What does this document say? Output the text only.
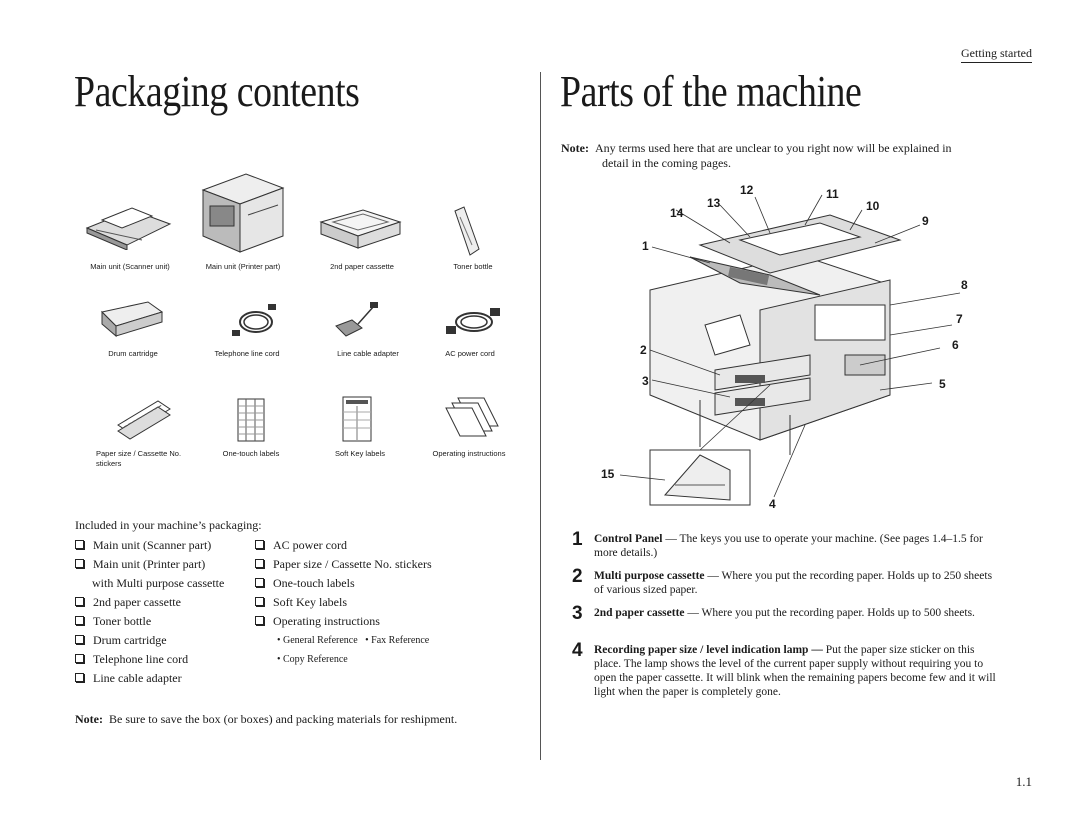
Getting started
Packaging contents	Parts of the machine
Main unit (Scanner unit)	Main unit (Printer part)	2nd paper cassette	Toner bottle
Drum cartridge	Telephone line cord	Line cable adapter	AC power cord
Paper size / Cassette No. stickers
One-touch labels	Soft Key labels	Operating instructions
Included in your machine’s packaging:
Main unit (Scanner part)
Main unit (Printer part)
with Multi purpose cassette
2nd paper cassette
Toner bottle
Drum cartridge
Telephone line cord
Line cable adapter
AC power cord
Paper size / Cassette No. stickers
One-touch labels
Soft Key labels
Operating instructions
• General Reference • Fax Reference
• Copy Reference
Note: Be sure to save the box (or boxes) and packing materials for reshipment.
Note: Any terms used here that are unclear to you right now will be explained in
detail in the coming pages.
1
2
3
4
5
6
7
8
9
10
11
12
13
14
15
1 Control Panel — The keys you use to operate your machine. (See pages 1.4–1.5 for more details.)
2 Multi purpose cassette — Where you put the recording paper. Holds up to 250 sheets of various sized paper.
3 2nd paper cassette — Where you put the recording paper. Holds up to 500 sheets.
4 Recording paper size / level indication lamp — Put the paper size sticker on this place. The lamp shows the level of the current paper supply without requiring you to open the paper cassette. It will blink when the remaining papers become few and it will light when the paper is completely gone.
1.1
